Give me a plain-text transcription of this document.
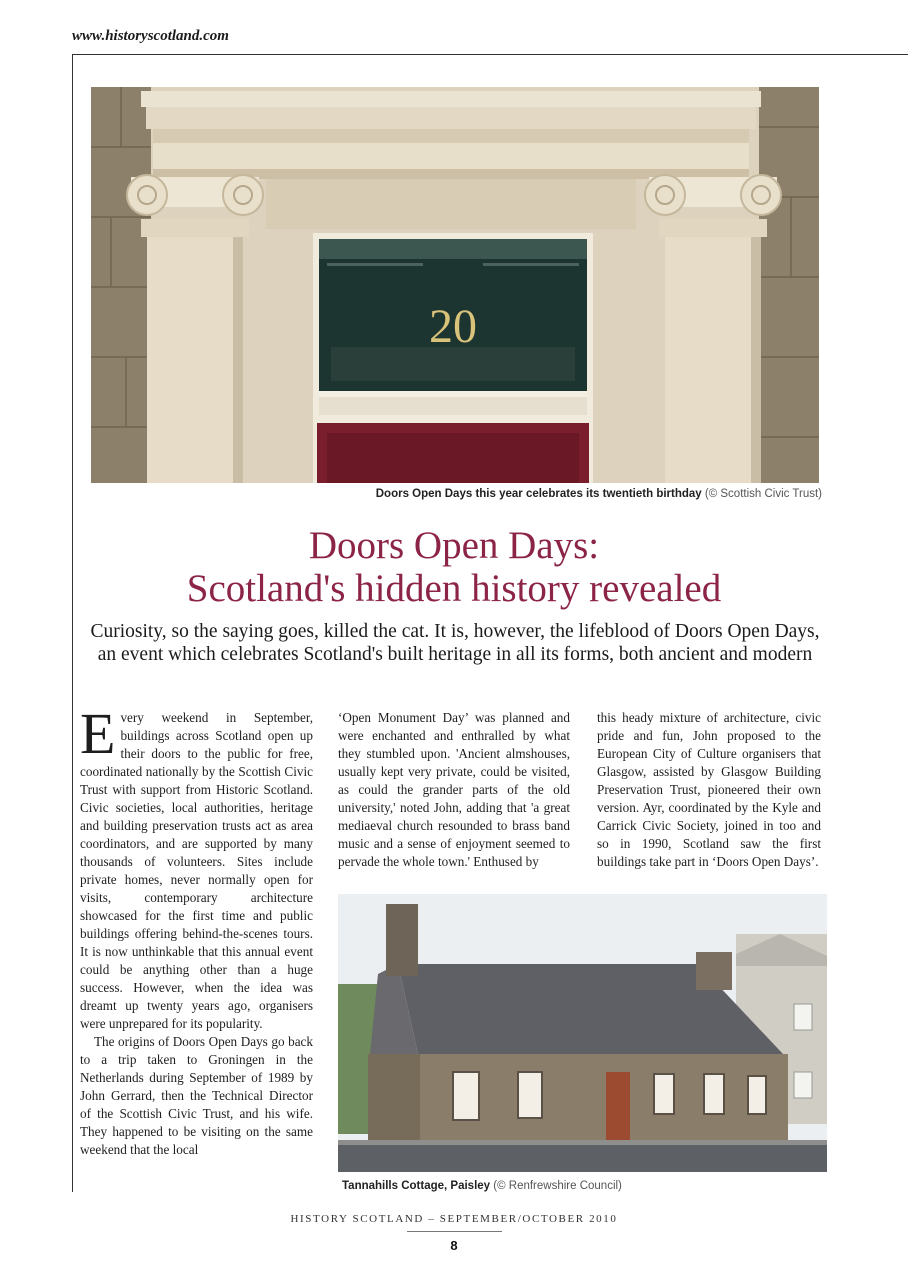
www.historyscotland.com
20
Doors Open Days this year celebrates its twentieth birthday (© Scottish Civic Trust)
Doors Open Days:
Scotland's hidden history revealed
Curiosity, so the saying goes, killed the cat. It is, however, the lifeblood of Doors Open Days, an event which celebrates Scotland's built heritage in all its forms, both ancient and modern

Every weekend in September, buildings across Scotland open up their doors to the public for free, coordinated nationally by the Scottish Civic Trust with support from Historic Scotland. Civic societies, local authorities, heritage and building preservation trusts act as area coordinators, and are supported by many thousands of volunteers. Sites include private homes, never normally open for visits, contemporary architecture showcased for the first time and public buildings offering behind-the-scenes tours. It is now unthinkable that this annual event could be anything other than a huge success. However, when the idea was dreamt up twenty years ago, organisers were unprepared for its popularity.

The origins of Doors Open Days go back to a trip taken to Groningen in the Netherlands during September of 1989 by John Gerrard, then the Technical Director of the Scottish Civic Trust, and his wife. They happened to be visiting on the same weekend that the local

‘Open Monument Day’ was planned and were enchanted and enthralled by what they stumbled upon. 'Ancient almshouses, usually kept very private, could be visited, as could the grander parts of the old university,' noted John, adding that 'a great mediaeval church resounded to brass band music and a sense of enjoyment seemed to pervade the whole town.' Enthused by

this heady mixture of architecture, civic pride and fun, John proposed to the European City of Culture organisers that Glasgow, assisted by Glasgow Building Preservation Trust, pioneered their own version. Ayr, coordinated by the Kyle and Carrick Civic Society, joined in too and so in 1990, Scotland saw the first buildings take part in ‘Doors Open Days’.

Tannahills Cottage, Paisley (© Renfrewshire Council)
HISTORY SCOTLAND – SEPTEMBER/OCTOBER 2010
8
